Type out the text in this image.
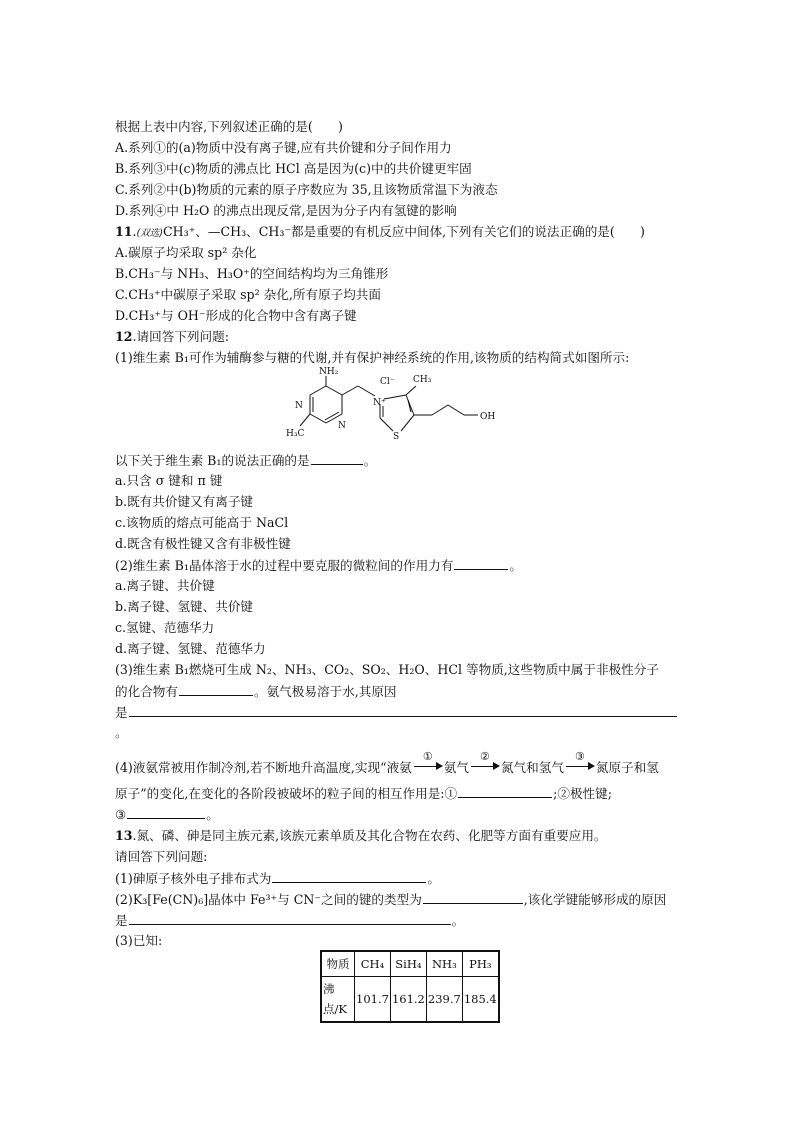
根据上表中内容,下列叙述正确的是(　　)
A.系列①的(a)物质中没有离子键,应有共价键和分子间作用力
B.系列③中(c)物质的沸点比 HCl 高是因为(c)中的共价键更牢固
C.系列②中(b)物质的元素的原子序数应为 35,且该物质常温下为液态
D.系列④中 H₂O 的沸点出现反常,是因为分子内有氢键的影响
11.(双选)CH₃⁺、—CH₃、CH₃⁻都是重要的有机反应中间体,下列有关它们的说法正确的是(　　)
A.碳原子均采取 sp² 杂化
B.CH₃⁻与 NH₃、H₃O⁺的空间结构均为三角锥形
C.CH₃⁺中碳原子采取 sp² 杂化,所有原子均共面
D.CH₃⁺与 OH⁻形成的化合物中含有离子键
12.请回答下列问题:
(1)维生素 B₁可作为辅酶参与糖的代谢,并有保护神经系统的作用,该物质的结构简式如图所示:
NH₂
H₃C
N
N
N⁺
Cl⁻ CH₃
S
OH
以下关于维生素 B₁的说法正确的是	。
a.只含 σ 键和 π 键
b.既有共价键又有离子键
c.该物质的熔点可能高于 NaCl
d.既含有极性键又含有非极性键
(2)维生素 B₁晶体溶于水的过程中要克服的微粒间的作用力有	。
a.离子键、共价键
b.离子键、氢键、共价键
c.氢键、范德华力
d.离子键、氢键、范德华力
(3)维生素 B₁燃烧可生成 N₂、NH₃、CO₂、SO₂、H₂O、HCl 等物质,这些物质中属于非极性分子
的化合物有	。氨气极易溶于水,其原因
是
。
(4)液氨常被用作制冷剂,若不断地升高温度,实现“液氨
①
氨气
②
氮气和氢气
③
氮原子和氢
原子”的变化,在变化的各阶段被破坏的粒子间的相互作用是:①	;②极性键;
③	。
13.氮、磷、砷是同主族元素,该族元素单质及其化合物在农药、化肥等方面有重要应用。
请回答下列问题:
(1)砷原子核外电子排布式为	。
(2)K₃[Fe(CN)₆]晶体中 Fe³⁺与 CN⁻之间的键的类型为	,该化学键能够形成的原因
是	。
(3)已知:
物质	CH₄	SiH₄	NH₃	PH₃
沸点/K	101.7	161.2	239.7	185.4
